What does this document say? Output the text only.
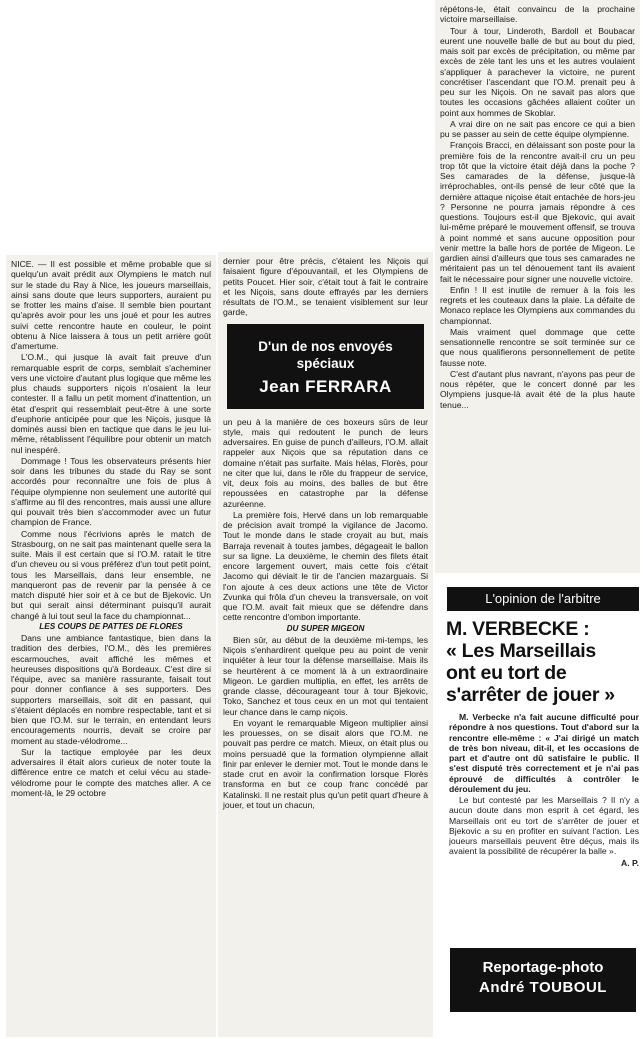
NICE. — Il est possible et même probable que si quelqu'un avait prédit aux Olympiens le match nul sur le stade du Ray à Nice, les joueurs marseillais, ainsi sans doute que leurs supporters, auraient pu se frotter les mains d'aise. Il semble bien pourtant qu'après avoir pour les uns joué et pour les autres suivi cette rencontre haute en couleur, le point obtenu à Nice laissera à tous un petit arrière goût d'amertume.

L'O.M., qui jusque là avait fait preuve d'un remarquable esprit de corps, semblait s'acheminer vers une victoire d'autant plus logique que même les plus chauds supporters niçois n'osaient la leur contester. Il a fallu un petit moment d'inattention, un état d'esprit qui ressemblait peut-être à une sorte d'euphorie anticipée pour que les Niçois, jusque là dominés aussi bien en tactique que dans le jeu lui-même, rétablissent l'équilibre pour obtenir un match nul inespéré.

Dommage ! Tous les observateurs présents hier soir dans les tribunes du stade du Ray se sont accordés pour reconnaître une fois de plus à l'équipe olympienne non seulement une autorité qui s'affirme au fil des rencontres, mais aussi une allure qui pouvait très bien s'accommoder avec un futur champion de France.

Comme nous l'écrivions après le match de Strasbourg, on ne sait pas maintenant quelle sera la suite. Mais il est certain que si l'O.M. ratait le titre d'un cheveu ou si vous préférez d'un tout petit point, tous les Marseillais, dans leur ensemble, ne manqueront pas de revenir par la pensée à ce match disputé hier soir et à ce but de Bjekovic. Un but qui serait ainsi déterminant puisqu'il aurait changé à lui tout seul la face du championnat...

LES COUPS DE PATTES DE FLORES

Dans une ambiance fantastique, bien dans la tradition des derbies, l'O.M., dès les premières escarmouches, avait affiché les mêmes et heureuses dispositions qu'à Bordeaux. C'est dire si l'équipe, avec sa manière rassurante, faisait tout pour donner confiance à ses supporters. Des supporters marseillais, soit dit en passant, qui s'étaient déplacés en nombre respectable, tant et si bien que l'O.M. sur le terrain, en entendant leurs encouragements nourris, devait se croire par moment au stade-vélodrome...

Sur la tactique employée par les deux adversaires il était alors curieux de noter toute la différence entre ce match et celui vécu au stade-vélodrome pour le compte des matches aller. A ce moment-là, le 29 octobre

dernier pour être précis, c'étaient les Niçois qui faisaient figure d'épouvantail, et les Olympiens de petits Poucet. Hier soir, c'était tout à fait le contraire et les Niçois, sans doute effrayés par les derniers résultats de l'O.M., se tenaient visiblement sur leur garde,

D'un de nos envoyés
spéciaux
Jean FERRARA

un peu à la manière de ces boxeurs sûrs de leur style, mais qui redoutent le punch de leurs adversaires. En guise de punch d'ailleurs, l'O.M. allait rappeler aux Niçois que sa réputation dans ce domaine n'était pas surfaite. Mais hélas, Florès, pour ne citer que lui, dans le rôle du frappeur de service, vit, deux fois au moins, des balles de but être repoussées en catastrophe par la défense azuréenne.

La première fois, Hervé dans un lob remarquable de précision avait trompé la vigilance de Jacomo. Tout le monde dans le stade croyait au but, mais Barraja revenait à toutes jambes, dégageait le ballon sur sa ligne. La deuxième, le chemin des filets était encore largement ouvert, mais cette fois c'était Jacomo qui déviait le tir de l'ancien mazarguais. Si l'on ajoute à ces deux actions une tête de Victor Zvunka qui frôla d'un cheveu la transversale, on voit que l'O.M. avait fait mieux que se défendre dans cette rencontre d'ombon importante.

DU SUPER MIGEON

Bien sûr, au début de la deuxième mi-temps, les Niçois s'enhardirent quelque peu au point de venir inquiéter à leur tour la défense marseillaise. Mais ils se heurtèrent à ce moment là à un extraordinaire Migeon. Le gardien multiplia, en effet, les arrêts de grande classe, décourageant tour à tour Bjekovic, Toko, Sanchez et tous ceux en un mot qui tentaient leur chance dans le camp niçois.

En voyant le remarquable Migeon multiplier ainsi les prouesses, on se disait alors que l'O.M. ne pouvait pas perdre ce match. Mieux, on était plus ou moins persuadé que la formation olympienne allait finir par enlever le dernier mot. Tout le monde dans le stade crut en avoir la confirmation lorsque Florès transforma en but ce coup franc concédé par Katalinski. Il ne restait plus qu'un petit quart d'heure à jouer, et tout un chacun,

répétons-le, était convaincu de la prochaine victoire marseillaise.

Tour à tour, Linderoth, Bardoll et Boubacar eurent une nouvelle balle de but au bout du pied, mais soit par excès de précipitation, ou même par excès de zèle tant les uns et les autres voulaient s'appliquer à parachever la victoire, ne purent concrétiser l'ascendant que l'O.M. prenait peu à peu sur les Niçois. On ne savait pas alors que toutes les occasions gâchées allaient coûter un point aux hommes de Skoblar.

A vrai dire on ne sait pas encore ce qui a bien pu se passer au sein de cette équipe olympienne.

François Bracci, en délaissant son poste pour la première fois de la rencontre avait-il cru un peu trop tôt que la victoire était déjà dans la poche ? Ses camarades de la défense, jusque-là irréprochables, ont-ils pensé de leur côté que la dernière attaque niçoise était entachée de hors-jeu ? Personne ne pourra jamais répondre à ces questions. Toujours est-il que Bjekovic, qui avait lui-même préparé le mouvement offensif, se trouva à point nommé et sans aucune opposition pour venir mettre la balle hors de portée de Migeon. Le gardien ainsi d'ailleurs que tous ses camarades ne méritaient pas un tel dénouement tant ils avaient fait le nécessaire pour signer une nouvelle victoire.

Enfin ! Il est inutile de remuer à la fois les regrets et les couteaux dans la plaie. La défaite de Monaco replace les Olympiens aux commandes du championnat.

Mais vraiment quel dommage que cette sensationnelle rencontre se soit terminée sur ce que nous qualifierons personnellement de petite fausse note.

C'est d'autant plus navrant, n'ayons pas peur de nous répéter, que le concert donné par les Olympiens jusque-là avait été de la plus haute tenue...

L'opinion de l'arbitre
M. VERBECKE :
« Les Marseillais
ont eu tort de
s'arrêter de jouer »

M. Verbecke n'a fait aucune difficulté pour répondre à nos questions. Tout d'abord sur la rencontre elle-même : « J'ai dirigé un match de très bon niveau, dit-il, et les occasions de part et d'autre ont dû satisfaire le public. Il s'est disputé très correctement et je n'ai pas éprouvé de difficultés à contrôler le déroulement du jeu.

Le but contesté par les Marseillais ? Il n'y a aucun doute dans mon esprit à cet égard, les Marseillais ont eu tort de s'arrêter de jouer et Bjekovic a su en profiter en suivant l'action. Les joueurs marseillais peuvent être déçus, mais ils avaient la possibilité de récupérer la balle ».

A. P.
Reportage-photo
André TOUBOUL
